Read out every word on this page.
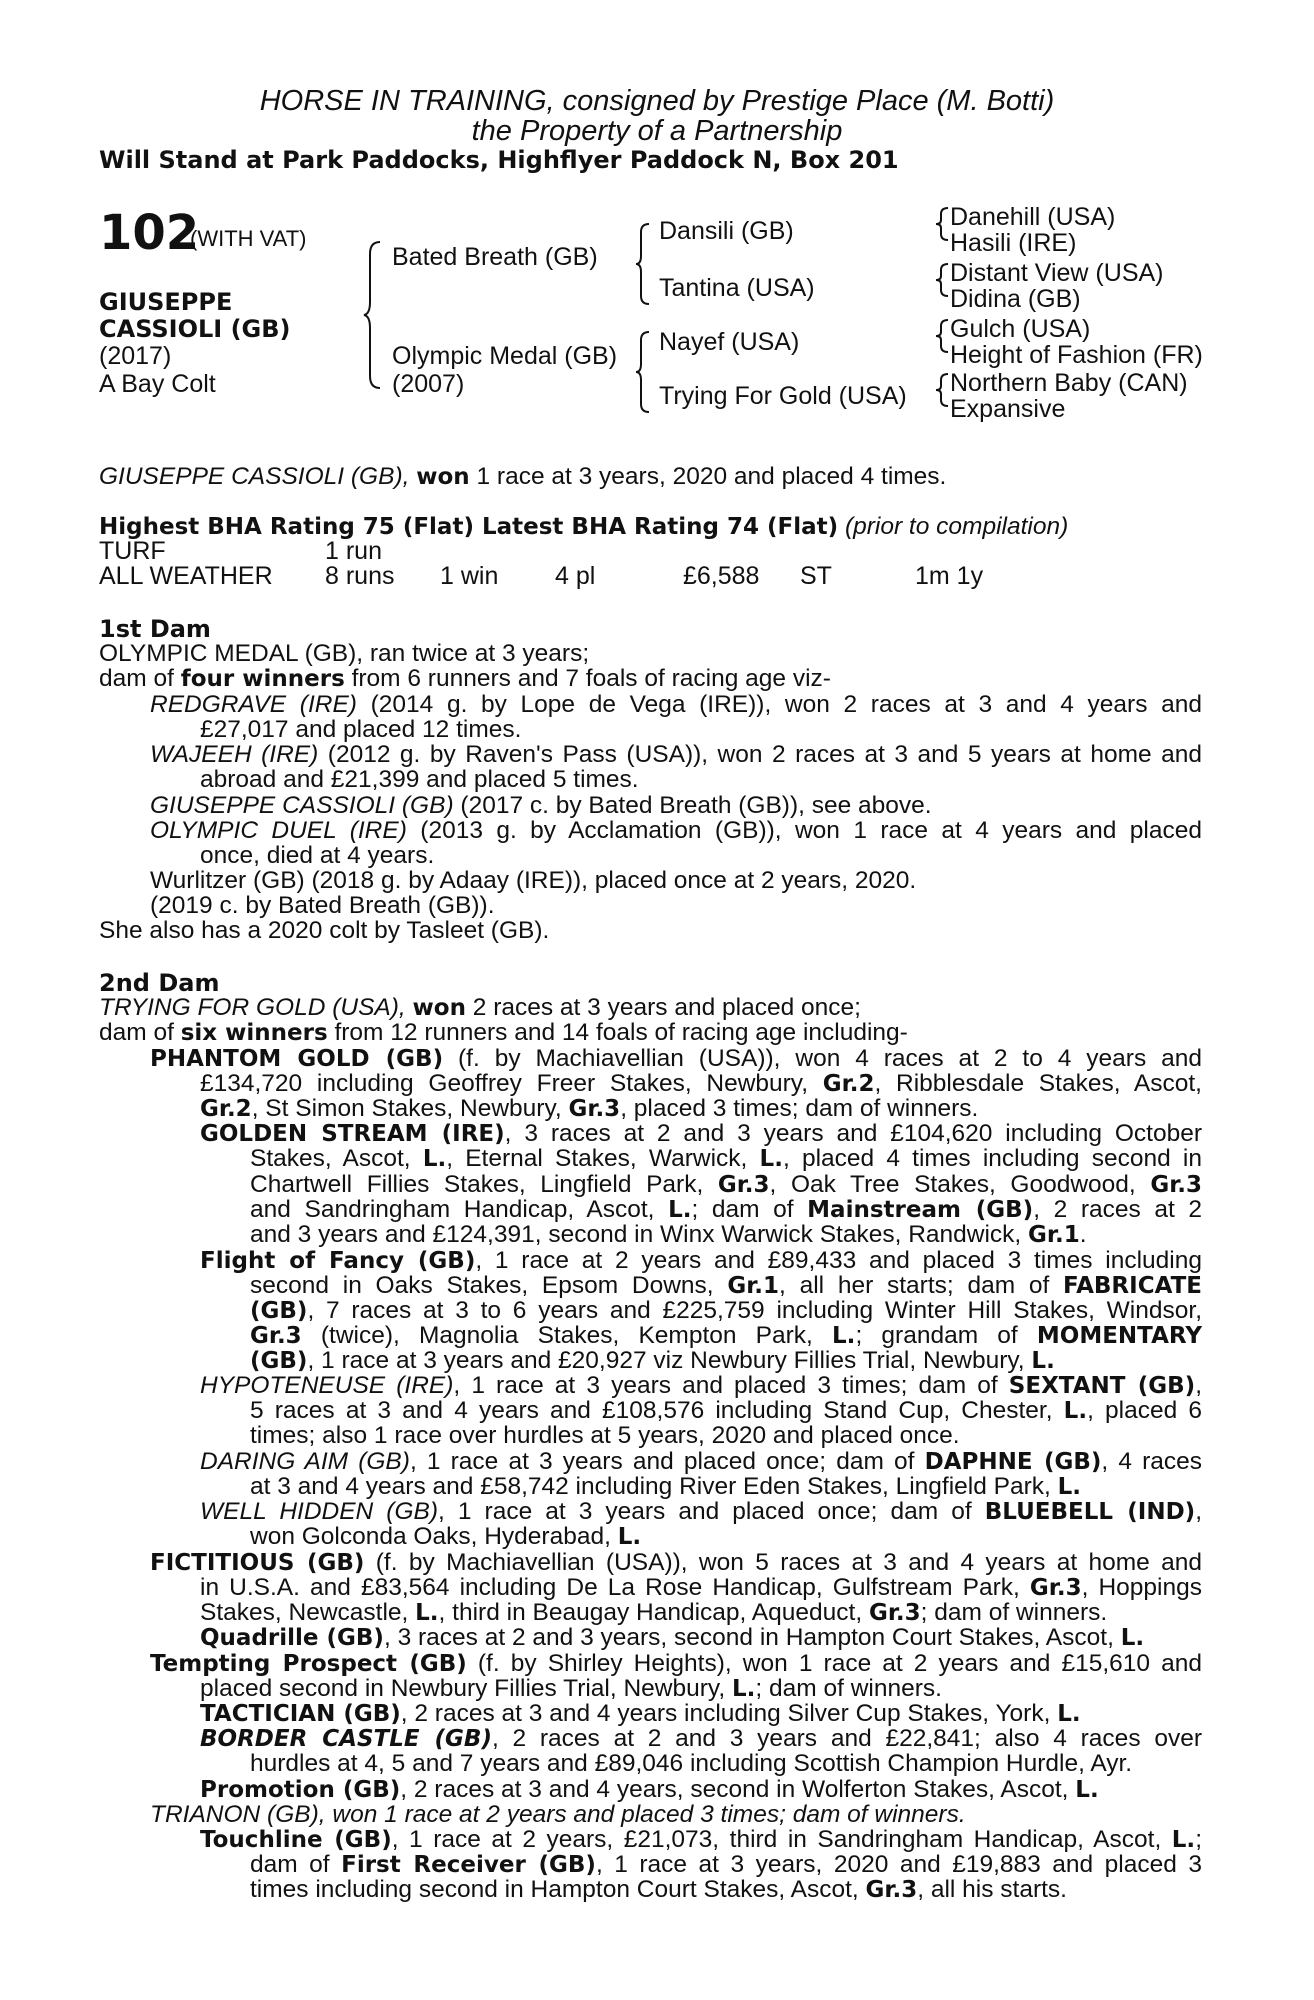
HORSE IN TRAINING, consigned by Prestige Place (M. Botti)
the Property of a Partnership
Will Stand at Park Paddocks, Highflyer Paddock N, Box 201
102
(WITH VAT)
GIUSEPPE
CASSIOLI (GB)
(2017)
A Bay Colt
Bated Breath (GB)
Olympic Medal (GB)
(2007)
Dansili (GB)
Tantina (USA)
Nayef (USA)
Trying For Gold (USA)
Danehill (USA)
Hasili (IRE)
Distant View (USA)
Didina (GB)
Gulch (USA)
Height of Fashion (FR)
Northern Baby (CAN)
Expansive
GIUSEPPE CASSIOLI (GB), won 1 race at 3 years, 2020 and placed 4 times.
Highest BHA Rating 75 (Flat) Latest BHA Rating 74 (Flat) (prior to compilation)
TURF	1 run
ALL WEATHER 8 runs 1 win 4 pl	£6,588 ST	1m 1y
1st Dam
OLYMPIC MEDAL (GB), ran twice at 3 years;
dam of four winners from 6 runners and 7 foals of racing age viz-
REDGRAVE (IRE) (2014 g. by Lope de Vega (IRE)), won 2 races at 3 and 4 years and
£27,017 and placed 12 times.
WAJEEH (IRE) (2012 g. by Raven's Pass (USA)), won 2 races at 3 and 5 years at home and
abroad and £21,399 and placed 5 times.
GIUSEPPE CASSIOLI (GB) (2017 c. by Bated Breath (GB)), see above.
OLYMPIC DUEL (IRE) (2013 g. by Acclamation (GB)), won 1 race at 4 years and placed
once, died at 4 years.
Wurlitzer (GB) (2018 g. by Adaay (IRE)), placed once at 2 years, 2020.
(2019 c. by Bated Breath (GB)).
She also has a 2020 colt by Tasleet (GB).
2nd Dam
TRYING FOR GOLD (USA), won 2 races at 3 years and placed once;
dam of six winners from 12 runners and 14 foals of racing age including-
PHANTOM GOLD (GB) (f. by Machiavellian (USA)), won 4 races at 2 to 4 years and
£134,720 including Geoffrey Freer Stakes, Newbury, Gr.2, Ribblesdale Stakes, Ascot,
Gr.2, St Simon Stakes, Newbury, Gr.3, placed 3 times; dam of winners.
GOLDEN STREAM (IRE), 3 races at 2 and 3 years and £104,620 including October
Stakes, Ascot, L., Eternal Stakes, Warwick, L., placed 4 times including second in
Chartwell Fillies Stakes, Lingfield Park, Gr.3, Oak Tree Stakes, Goodwood, Gr.3
and Sandringham Handicap, Ascot, L.; dam of Mainstream (GB), 2 races at 2
and 3 years and £124,391, second in Winx Warwick Stakes, Randwick, Gr.1.
Flight of Fancy (GB), 1 race at 2 years and £89,433 and placed 3 times including
second in Oaks Stakes, Epsom Downs, Gr.1, all her starts; dam of FABRICATE
(GB), 7 races at 3 to 6 years and £225,759 including Winter Hill Stakes, Windsor,
Gr.3 (twice), Magnolia Stakes, Kempton Park, L.; grandam of MOMENTARY
(GB), 1 race at 3 years and £20,927 viz Newbury Fillies Trial, Newbury, L.
HYPOTENEUSE (IRE), 1 race at 3 years and placed 3 times; dam of SEXTANT (GB),
5 races at 3 and 4 years and £108,576 including Stand Cup, Chester, L., placed 6
times; also 1 race over hurdles at 5 years, 2020 and placed once.
DARING AIM (GB), 1 race at 3 years and placed once; dam of DAPHNE (GB), 4 races
at 3 and 4 years and £58,742 including River Eden Stakes, Lingfield Park, L.
WELL HIDDEN (GB), 1 race at 3 years and placed once; dam of BLUEBELL (IND),
won Golconda Oaks, Hyderabad, L.
FICTITIOUS (GB) (f. by Machiavellian (USA)), won 5 races at 3 and 4 years at home and
in U.S.A. and £83,564 including De La Rose Handicap, Gulfstream Park, Gr.3, Hoppings
Stakes, Newcastle, L., third in Beaugay Handicap, Aqueduct, Gr.3; dam of winners.
Quadrille (GB), 3 races at 2 and 3 years, second in Hampton Court Stakes, Ascot, L.
Tempting Prospect (GB) (f. by Shirley Heights), won 1 race at 2 years and £15,610 and
placed second in Newbury Fillies Trial, Newbury, L.; dam of winners.
TACTICIAN (GB), 2 races at 3 and 4 years including Silver Cup Stakes, York, L.
BORDER CASTLE (GB), 2 races at 2 and 3 years and £22,841; also 4 races over
hurdles at 4, 5 and 7 years and £89,046 including Scottish Champion Hurdle, Ayr.
Promotion (GB), 2 races at 3 and 4 years, second in Wolferton Stakes, Ascot, L.
TRIANON (GB), won 1 race at 2 years and placed 3 times; dam of winners.
Touchline (GB), 1 race at 2 years, £21,073, third in Sandringham Handicap, Ascot, L.;
dam of First Receiver (GB), 1 race at 3 years, 2020 and £19,883 and placed 3
times including second in Hampton Court Stakes, Ascot, Gr.3, all his starts.
